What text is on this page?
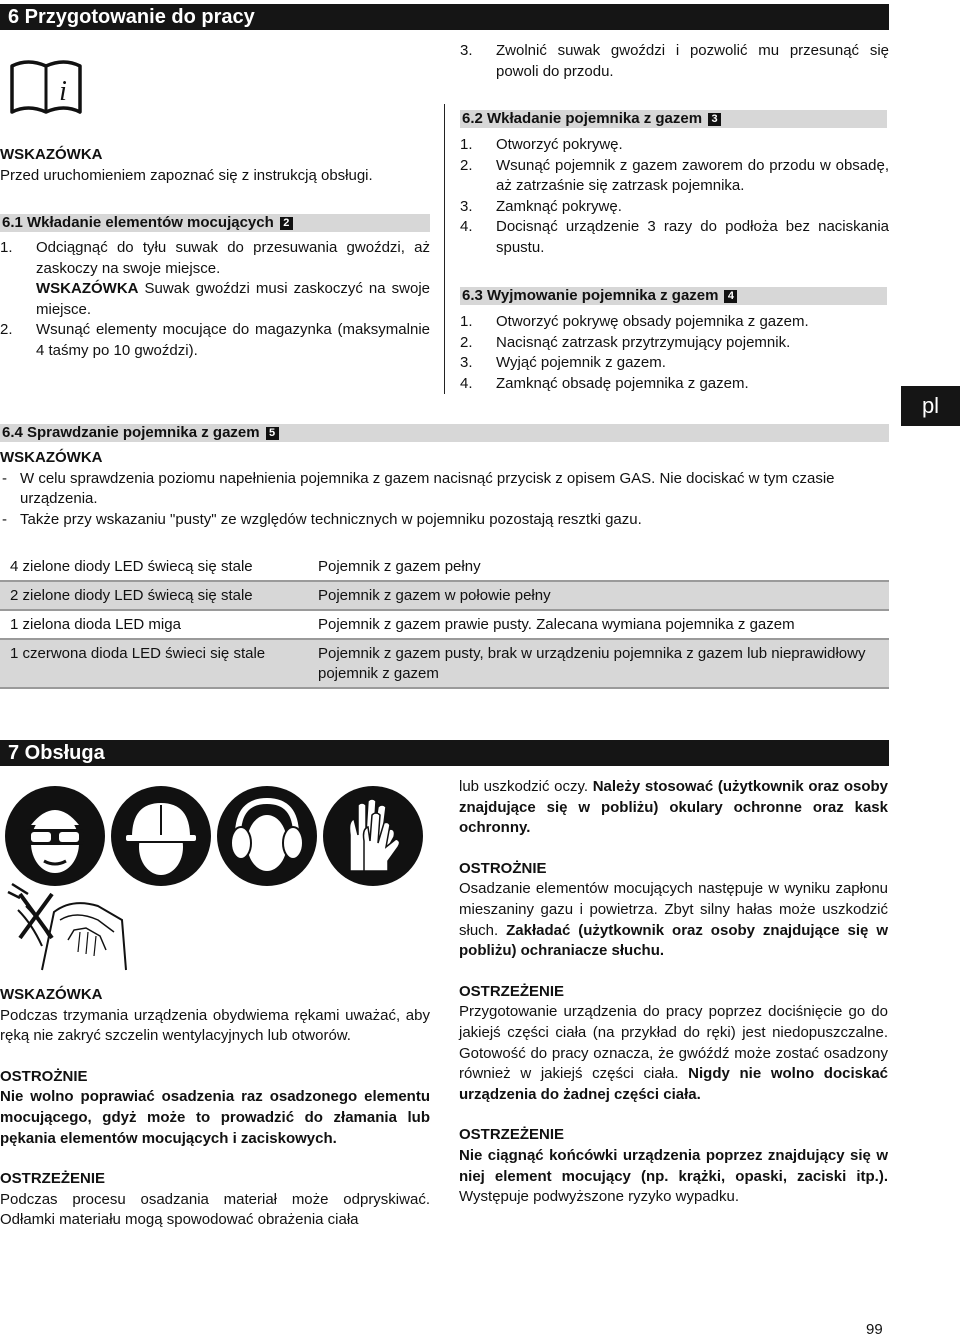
6 Przygotowanie do pracy
i

WSKAZÓWKA

Przed uruchomieniem zapoznać się z instrukcją obsługi.

6.1 Wkładanie elementów mocujących 2
1. Odciągnąć do tyłu suwak do przesuwania gwoździ, aż zaskoczy na swoje miejsce.
WSKAZÓWKA Suwak gwoździ musi zaskoczyć na swoje miejsce.
2. Wsunąć elementy mocujące do magazynka (maksymalnie 4 taśmy po 10 gwoździ).
3. Zwolnić suwak gwoździ i pozwolić mu przesunąć się powoli do przodu.
6.2 Wkładanie pojemnika z gazem 3
1. Otworzyć pokrywę.
2. Wsunąć pojemnik z gazem zaworem do przodu w obsadę, aż zatrzaśnie się zatrzask pojemnika.
3. Zamknąć pokrywę.
4. Docisnąć urządzenie 3 razy do podłoża bez naciskania spustu.
6.3 Wyjmowanie pojemnika z gazem 4
1. Otworzyć pokrywę obsady pojemnika z gazem.
2. Nacisnąć zatrzask przytrzymujący pojemnik.
3. Wyjąć pojemnik z gazem.
4. Zamknąć obsadę pojemnika z gazem.
pl
6.4 Sprawdzanie pojemnika z gazem 5

WSKAZÓWKA

- W celu sprawdzenia poziomu napełnienia pojemnika z gazem nacisnąć przycisk z opisem GAS. Nie dociskać w tym czasie urządzenia.
- Także przy wskazaniu "pusty" ze względów technicznych w pojemniku pozostają resztki gazu.
4 zielone diody LED świecą się stale	Pojemnik z gazem pełny
2 zielone diody LED świecą się stale	Pojemnik z gazem w połowie pełny
1 zielona dioda LED miga	Pojemnik z gazem prawie pusty. Zalecana wymiana pojemnika z gazem
1 czerwona dioda LED świeci się stale	Pojemnik z gazem pusty, brak w urządzeniu pojemnika z gazem lub nieprawidłowy pojemnik z gazem
7 Obsługa

WSKAZÓWKA

Podczas trzymania urządzenia obydwiema rękami uważać, aby ręką nie zakryć szczelin wentylacyjnych lub otworów.

OSTROŻNIE

Nie wolno poprawiać osadzenia raz osadzonego elementu mocującego, gdyż może to prowadzić do złamania lub pękania elementów mocujących i zaciskowych.

OSTRZEŻENIE

Podczas procesu osadzania materiał może odpryskiwać. Odłamki materiału mogą spowodować obrażenia ciała

lub uszkodzić oczy. Należy stosować (użytkownik oraz osoby znajdujące się w pobliżu) okulary ochronne oraz kask ochronny.

OSTROŻNIE

Osadzanie elementów mocujących następuje w wyniku zapłonu mieszaniny gazu i powietrza. Zbyt silny hałas może uszkodzić słuch. Zakładać (użytkownik oraz osoby znajdujące się w pobliżu) ochraniacze słuchu.

OSTRZEŻENIE

Przygotowanie urządzenia do pracy poprzez dociśnięcie go do jakiejś części ciała (na przykład do ręki) jest niedopuszczalne. Gotowość do pracy oznacza, że gwóźdź może zostać osadzony również w jakiejś części ciała. Nigdy nie wolno dociskać urządzenia do żadnej części ciała.

OSTRZEŻENIE

Nie ciągnąć końcówki urządzenia poprzez znajdujący się w niej element mocujący (np. krążki, opaski, zaciski itp.). Występuje podwyższone ryzyko wypadku.

99
